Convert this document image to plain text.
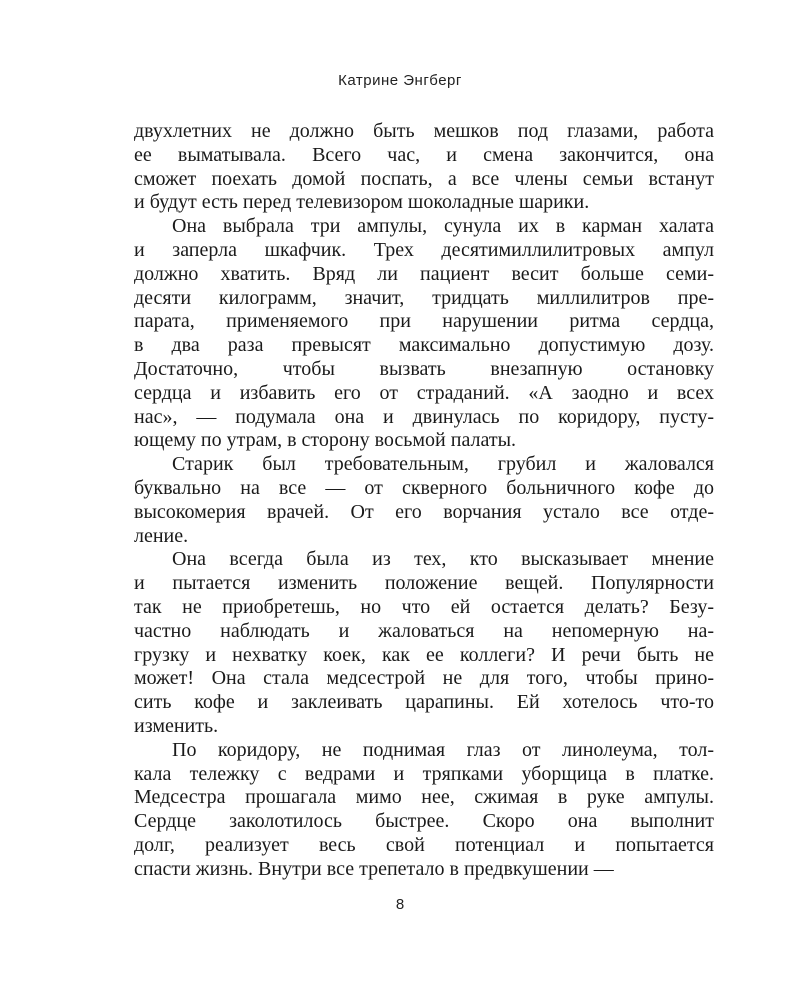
Катрине Энгберг
двухлетних не должно быть мешков под глазами, работа
ее выматывала. Всего час, и смена закончится, она
сможет поехать домой поспать, а все члены семьи встанут
и будут есть перед телевизором шоколадные шарики.
Она выбрала три ампулы, сунула их в карман халата
и заперла шкафчик. Трех десятимиллилитровых ампул
должно хватить. Вряд ли пациент весит больше семи-
десяти килограмм, значит, тридцать миллилитров пре-
парата, применяемого при нарушении ритма сердца,
в два раза превысят максимально допустимую дозу.
Достаточно, чтобы вызвать внезапную остановку
сердца и избавить его от страданий. «А заодно и всех
нас», — подумала она и двинулась по коридору, пусту-
ющему по утрам, в сторону восьмой палаты.
Старик был требовательным, грубил и жаловался
буквально на все — от скверного больничного кофе до
высокомерия врачей. От его ворчания устало все отде-
ление.
Она всегда была из тех, кто высказывает мнение
и пытается изменить положение вещей. Популярности
так не приобретешь, но что ей остается делать? Безу-
частно наблюдать и жаловаться на непомерную на-
грузку и нехватку коек, как ее коллеги? И речи быть не
может! Она стала медсестрой не для того, чтобы прино-
сить кофе и заклеивать царапины. Ей хотелось что-то
изменить.
По коридору, не поднимая глаз от линолеума, тол-
кала тележку с ведрами и тряпками уборщица в платке.
Медсестра прошагала мимо нее, сжимая в руке ампулы.
Сердце заколотилось быстрее. Скоро она выполнит
долг, реализует весь свой потенциал и попытается
спасти жизнь. Внутри все трепетало в предвкушении —
8
